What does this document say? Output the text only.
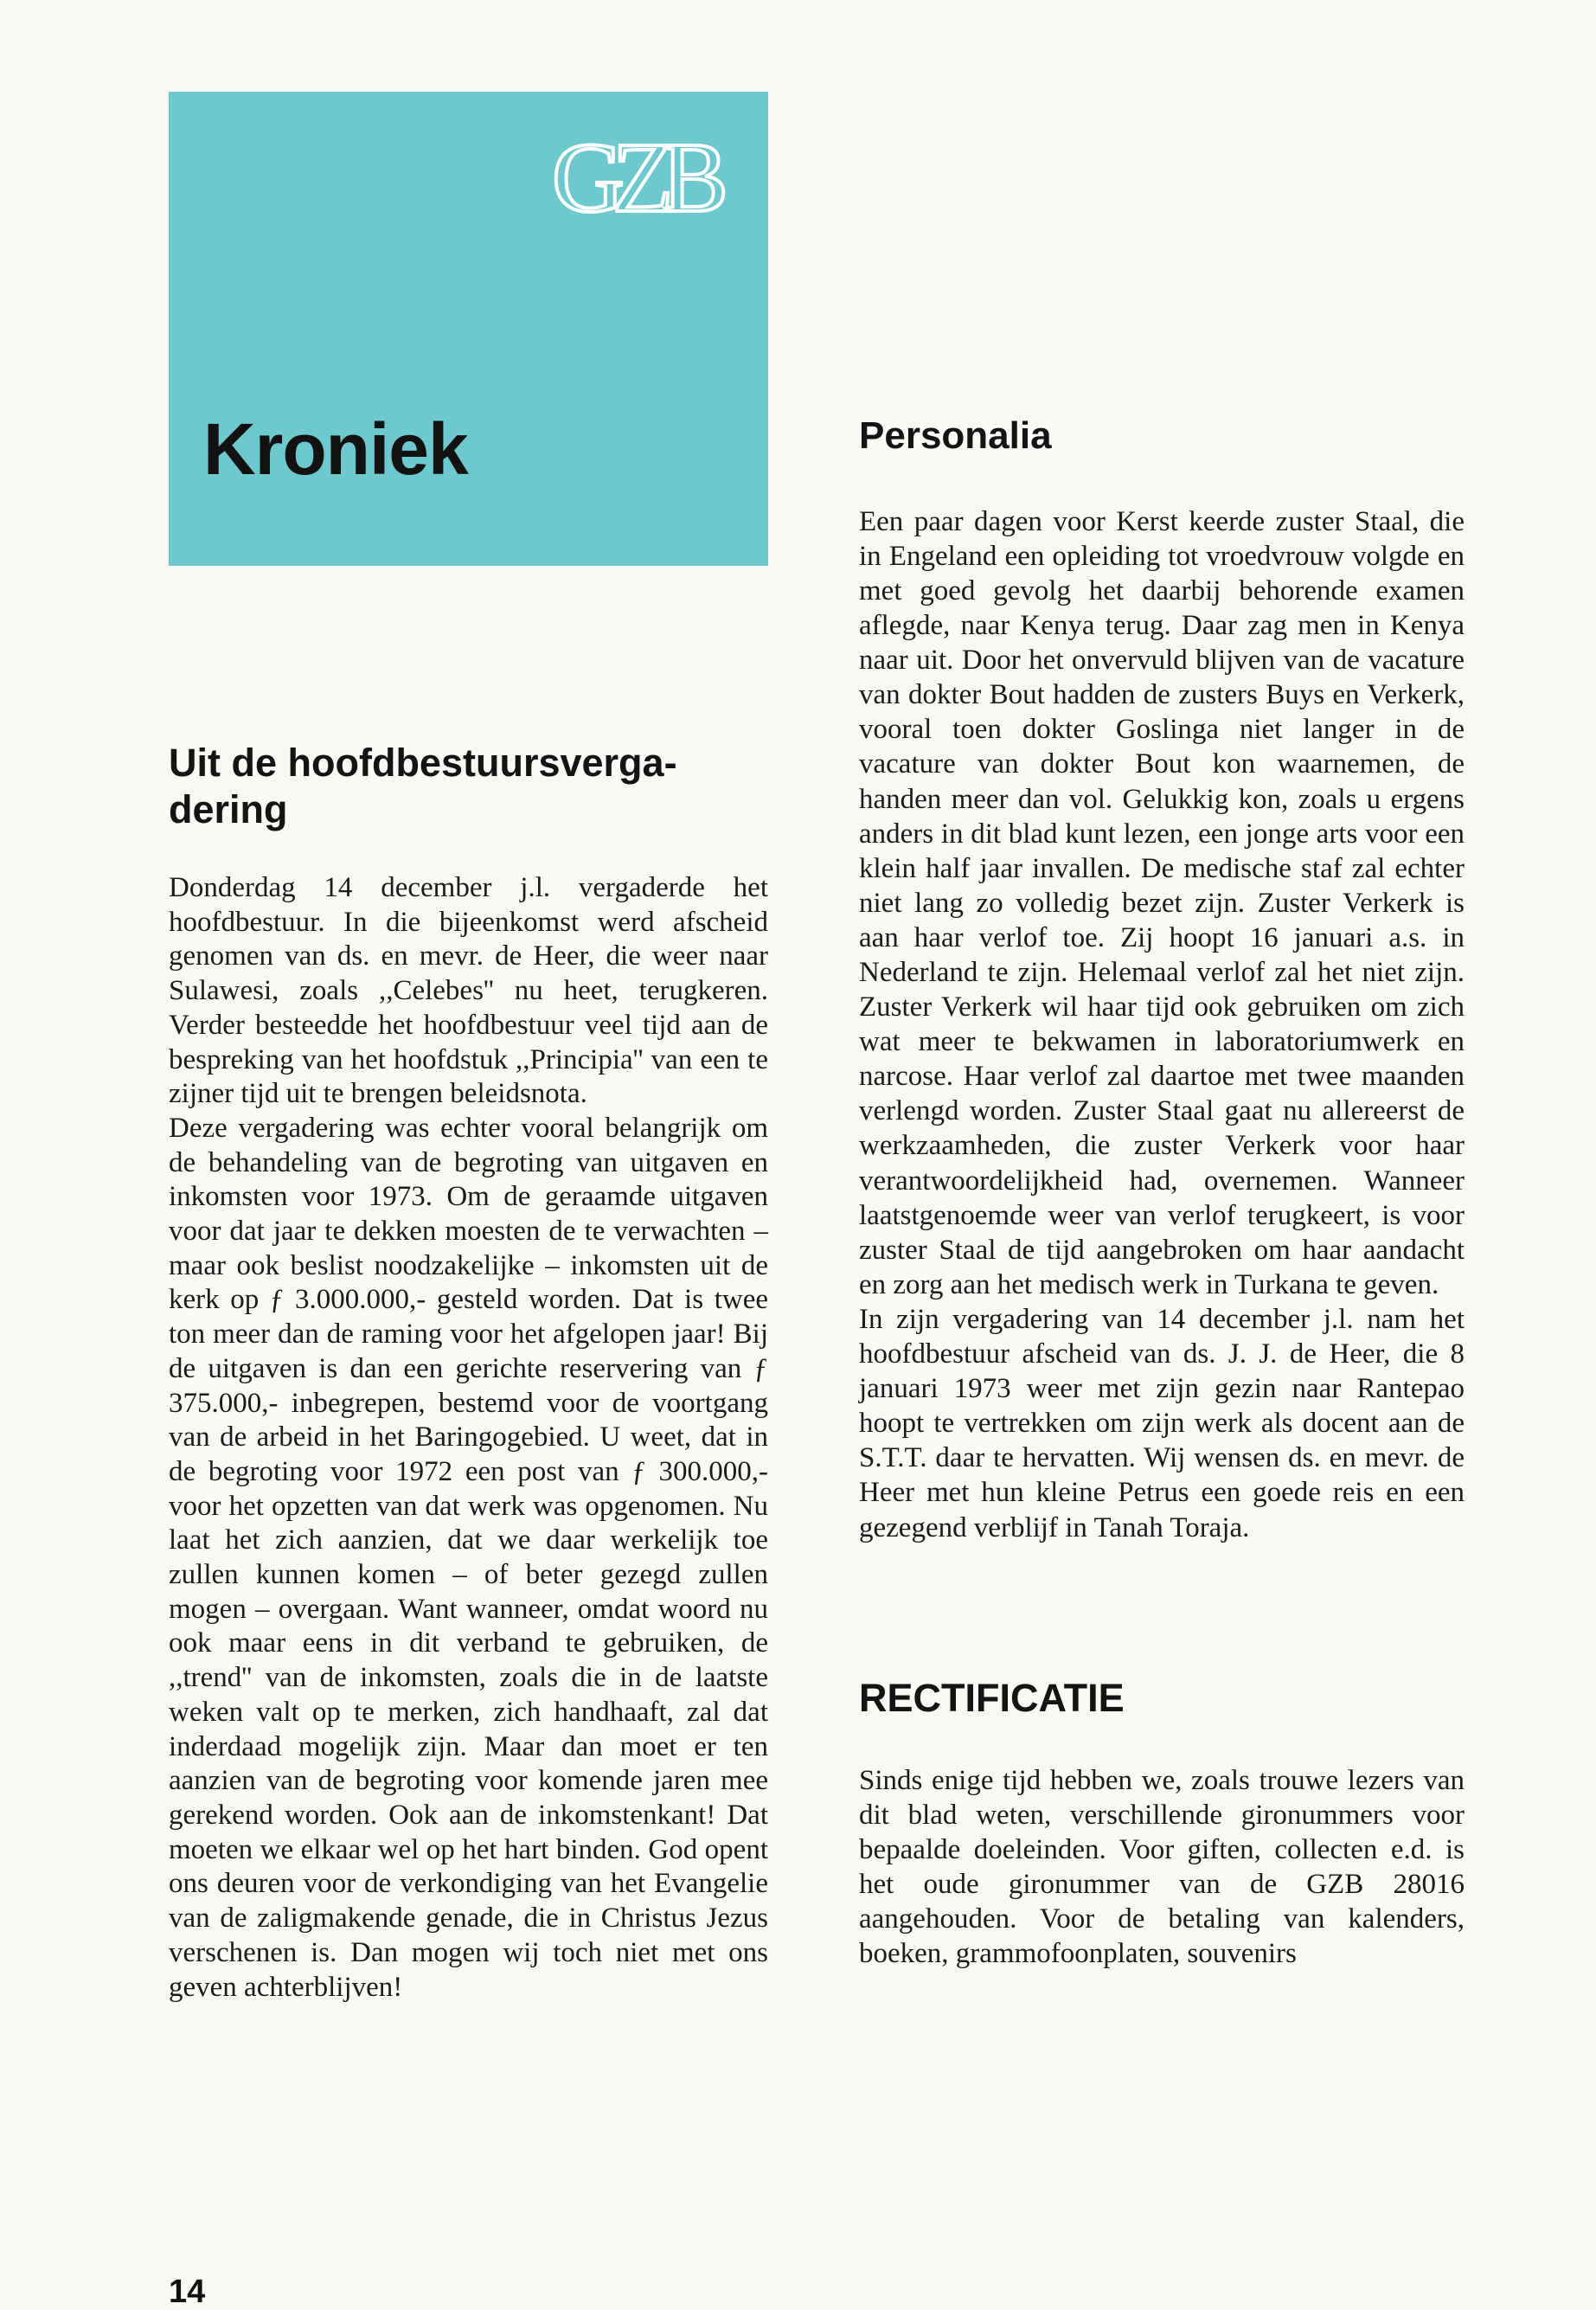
GZB
Kroniek
Uit de hoofdbestuursverga-
dering

Donderdag 14 december j.l. vergaderde het hoofdbestuur. In die bijeenkomst werd afscheid genomen van ds. en mevr. de Heer, die weer naar Sulawesi, zoals ,,Celebes'' nu heet, terugkeren. Verder besteedde het hoofdbestuur veel tijd aan de bespreking van het hoofdstuk ,,Principia'' van een te zijner tijd uit te brengen beleidsnota.

Deze vergadering was echter vooral belangrijk om de behandeling van de begroting van uitgaven en inkomsten voor 1973. Om de geraamde uitgaven voor dat jaar te dekken moesten de te verwachten – maar ook beslist noodzakelijke – inkomsten uit de kerk op ƒ 3.000.000,- gesteld worden. Dat is twee ton meer dan de raming voor het afgelopen jaar! Bij de uitgaven is dan een gerichte reservering van ƒ 375.000,- inbegrepen, bestemd voor de voortgang van de arbeid in het Baringogebied. U weet, dat in de begroting voor 1972 een post van ƒ 300.000,- voor het opzetten van dat werk was opgenomen. Nu laat het zich aanzien, dat we daar werkelijk toe zullen kunnen komen – of beter gezegd zullen mogen – overgaan. Want wanneer, omdat woord nu ook maar eens in dit verband te gebruiken, de ,,trend'' van de inkomsten, zoals die in de laatste weken valt op te merken, zich handhaaft, zal dat inderdaad mogelijk zijn. Maar dan moet er ten aanzien van de begroting voor komende jaren mee gerekend worden. Ook aan de inkomstenkant! Dat moeten we elkaar wel op het hart binden. God opent ons deuren voor de verkondiging van het Evangelie van de zaligmakende genade, die in Christus Jezus verschenen is. Dan mogen wij toch niet met ons geven achterblijven!

Personalia

Een paar dagen voor Kerst keerde zuster Staal, die in Engeland een opleiding tot vroedvrouw volgde en met goed gevolg het daarbij behorende examen aflegde, naar Kenya terug. Daar zag men in Kenya naar uit. Door het onvervuld blijven van de vacature van dokter Bout hadden de zusters Buys en Verkerk, vooral toen dokter Goslinga niet langer in de vacature van dokter Bout kon waarnemen, de handen meer dan vol. Gelukkig kon, zoals u ergens anders in dit blad kunt lezen, een jonge arts voor een klein half jaar invallen. De medische staf zal echter niet lang zo volledig bezet zijn. Zuster Verkerk is aan haar verlof toe. Zij hoopt 16 januari a.s. in Nederland te zijn. Helemaal verlof zal het niet zijn. Zuster Verkerk wil haar tijd ook gebruiken om zich wat meer te bekwamen in laboratoriumwerk en narcose. Haar verlof zal daartoe met twee maanden verlengd worden. Zuster Staal gaat nu allereerst de werkzaamheden, die zuster Verkerk voor haar verantwoordelijkheid had, overnemen. Wanneer laatstgenoemde weer van verlof terugkeert, is voor zuster Staal de tijd aangebroken om haar aandacht en zorg aan het medisch werk in Turkana te geven.

In zijn vergadering van 14 december j.l. nam het hoofdbestuur afscheid van ds. J. J. de Heer, die 8 januari 1973 weer met zijn gezin naar Rantepao hoopt te vertrekken om zijn werk als docent aan de S.T.T. daar te hervatten. Wij wensen ds. en mevr. de Heer met hun kleine Petrus een goede reis en een gezegend verblijf in Tanah Toraja.

RECTIFICATIE

Sinds enige tijd hebben we, zoals trouwe lezers van dit blad weten, verschillende gironummers voor bepaalde doeleinden. Voor giften, collecten e.d. is het oude gironummer van de GZB 28016 aangehouden. Voor de betaling van kalenders, boeken, grammofoonplaten, souvenirs

14
